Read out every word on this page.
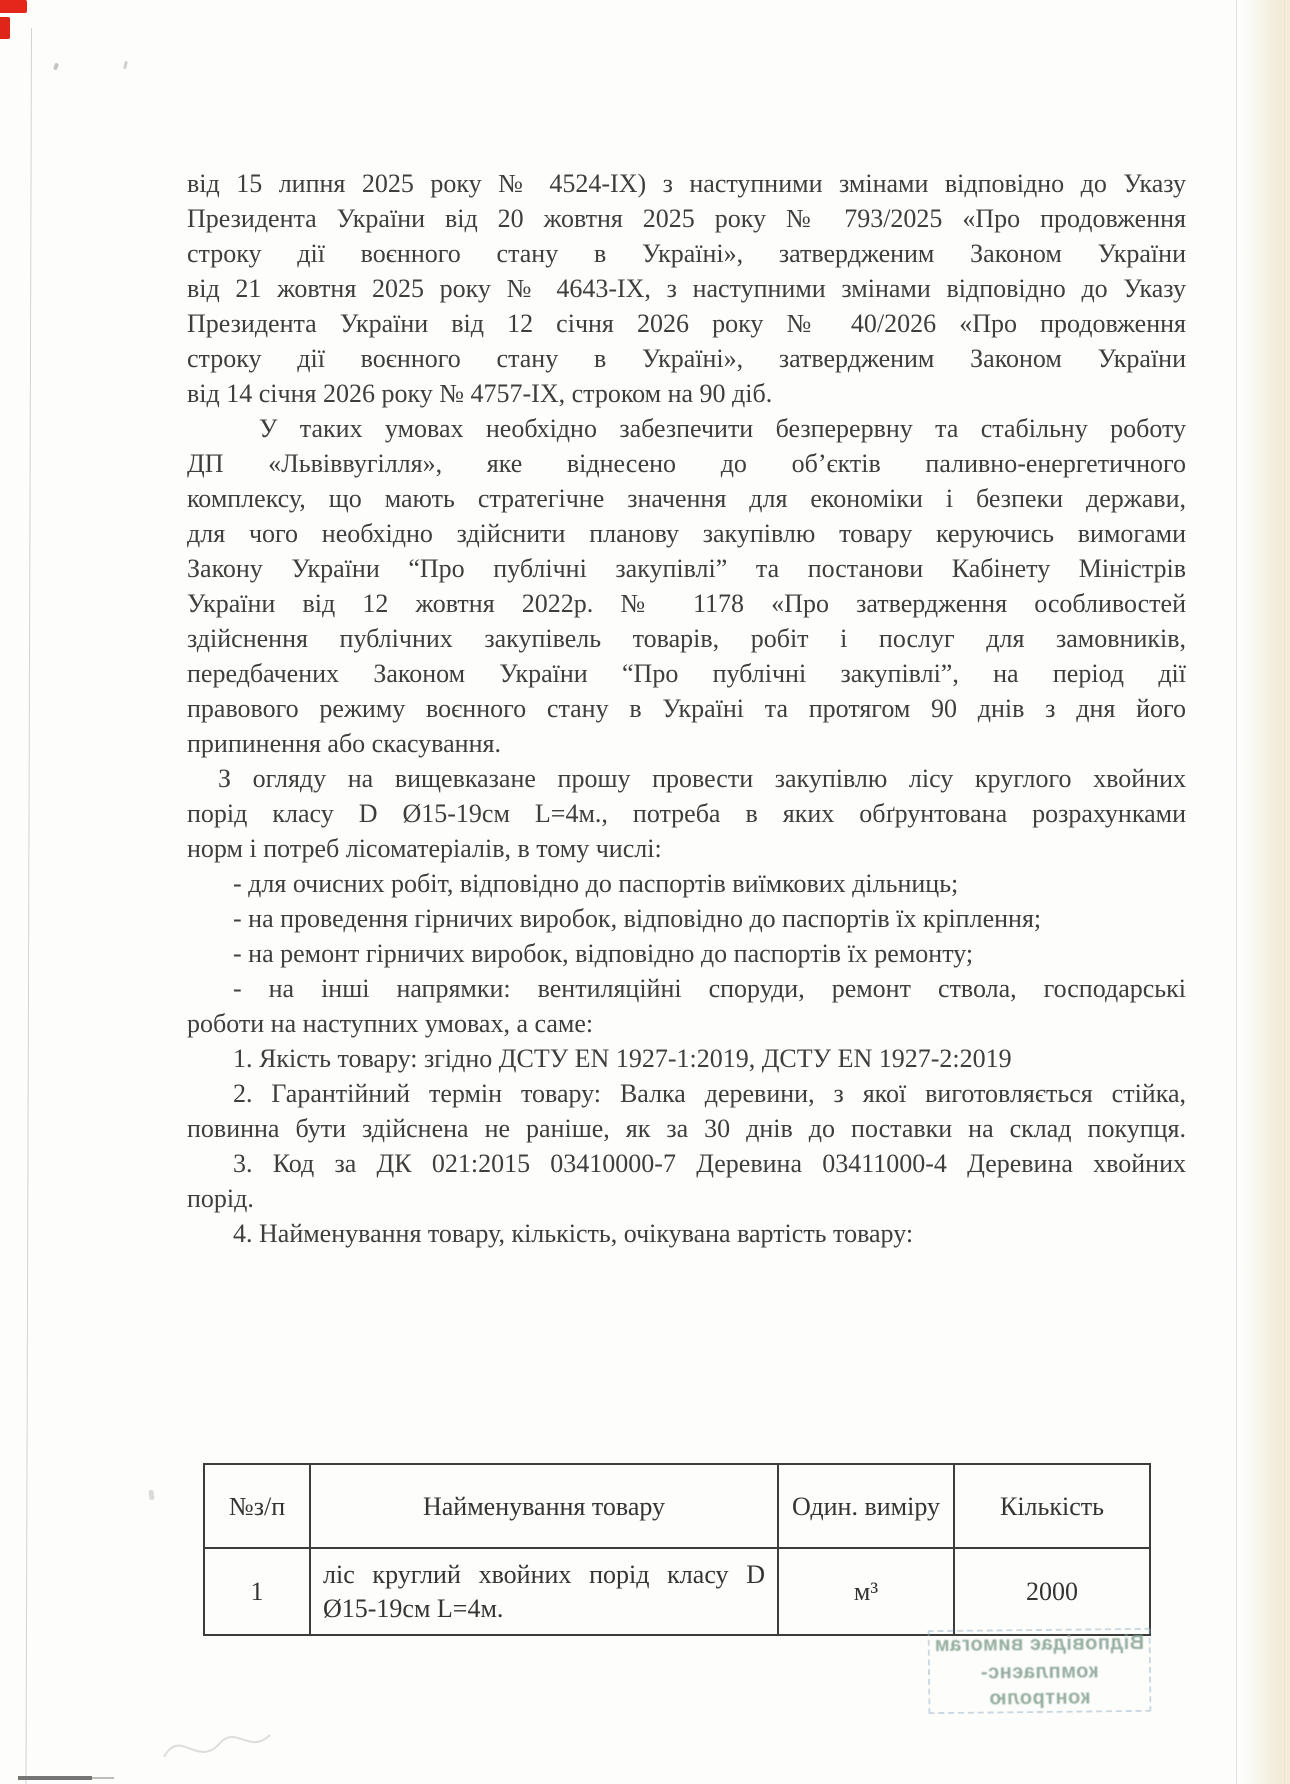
від 15 липня 2025 року № 4524-IX) з наступними змінами відповідно до Указу
Президента України від 20 жовтня 2025 року № 793/2025 «Про продовження
строку дії воєнного стану в Україні», затвердженим Законом України
від 21 жовтня 2025 року № 4643-IX, з наступними змінами відповідно до Указу
Президента України від 12 січня 2026 року № 40/2026 «Про продовження
строку дії воєнного стану в Україні», затвердженим Законом України
від 14 січня 2026 року № 4757-IX, строком на 90 діб.
У таких умовах необхідно забезпечити безперервну та стабільну роботу
ДП «Львіввугілля», яке віднесено до об’єктів паливно-енергетичного
комплексу, що мають стратегічне значення для економіки і безпеки держави,
для чого необхідно здійснити планову закупівлю товару керуючись вимогами
Закону України “Про публічні закупівлі” та постанови Кабінету Міністрів
України від 12 жовтня 2022р. № 1178 «Про затвердження особливостей
здійснення публічних закупівель товарів, робіт і послуг для замовників,
передбачених Законом України “Про публічні закупівлі”, на період дії
правового режиму воєнного стану в Україні та протягом 90 днів з дня його
припинення або скасування.
З огляду на вищевказане прошу провести закупівлю лісу круглого хвойних
порід класу D Ø15-19см L=4м., потреба в яких обґрунтована розрахунками
норм і потреб лісоматеріалів, в тому числі:
- для очисних робіт, відповідно до паспортів виїмкових дільниць;
- на проведення гірничих виробок, відповідно до паспортів їх кріплення;
- на ремонт гірничих виробок, відповідно до паспортів їх ремонту;
- на інші напрямки: вентиляційні споруди, ремонт ствола, господарські
роботи на наступних умовах, а саме:
1. Якість товару: згідно ДСТУ EN 1927-1:2019, ДСТУ EN 1927-2:2019
2. Гарантійний термін товару: Валка деревини, з якої виготовляється стійка,
повинна бути здійснена не раніше, як за 30 днів до поставки на склад покупця.
3. Код за ДК 021:2015 03410000-7 Деревина 03411000-4 Деревина хвойних
порід.
4. Найменування товару, кількість, очікувана вартість товару:
№з/п	Найменування товару	Один. виміру	Кількість
1	ліс круглий хвойних порід класу D Ø15-19см L=4м.	м³	2000
Відповідає вимогам
комплаєнс-контролю
